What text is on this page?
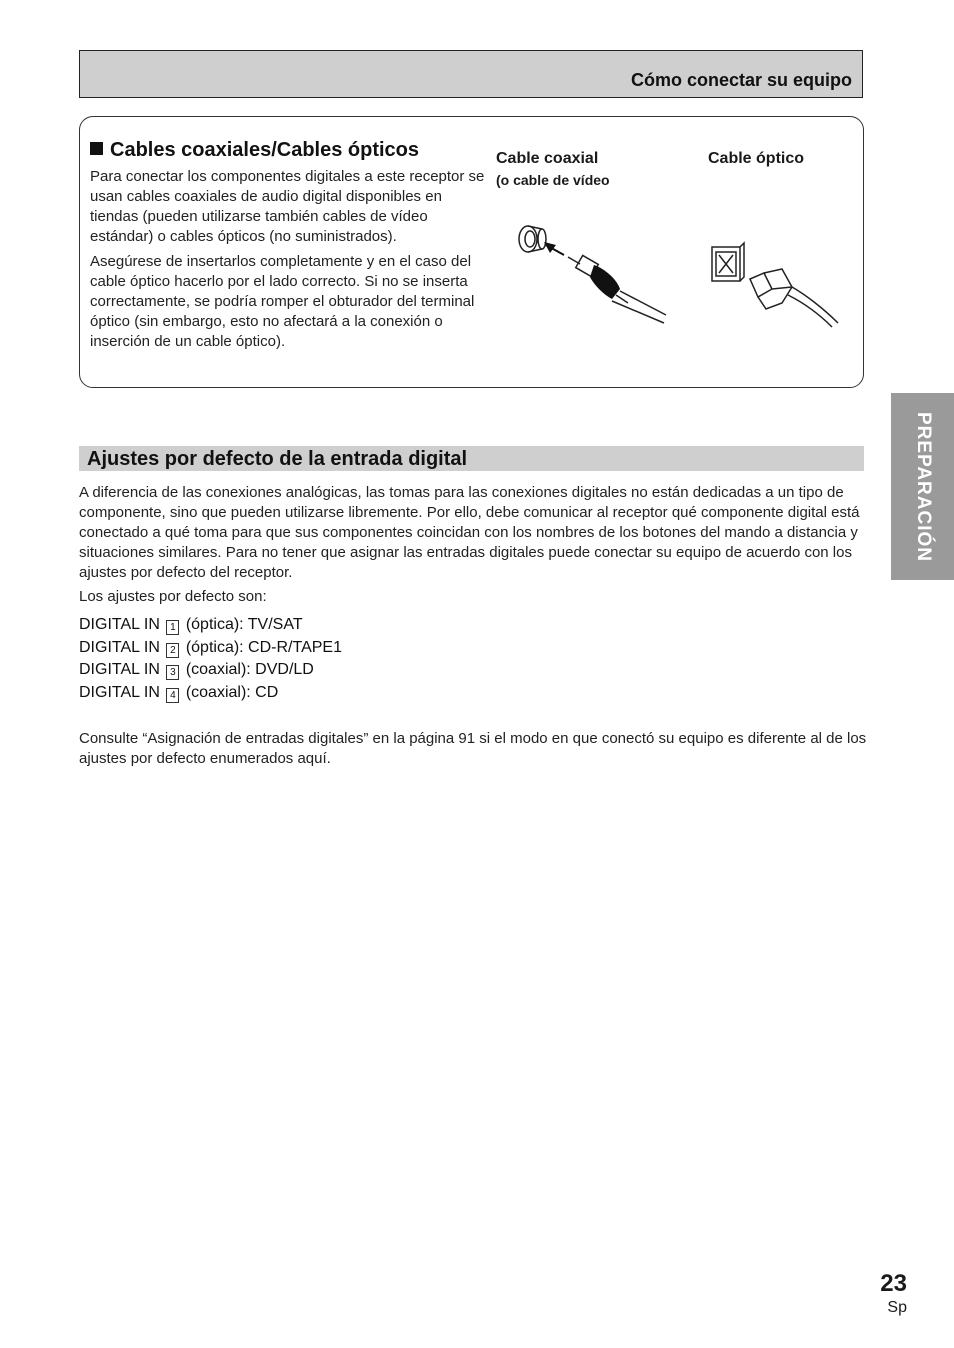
Cómo conectar su equipo
Cables coaxiales/Cables ópticos

Para conectar los componentes digitales a este receptor se usan cables coaxiales de audio digital disponibles en tiendas (pueden utilizarse también cables de vídeo estándar) o cables ópticos (no suministrados).

Asegúrese de insertarlos completamente y en el caso del cable óptico hacerlo por el lado correcto. Si no se inserta correctamente, se podría romper el obturador del terminal óptico (sin embargo, esto no afectará a la conexión o inserción de un cable óptico).

Cable coaxial
(o cable de vídeo
Cable óptico
PREPARACIÓN
Ajustes por defecto de la entrada digital

A diferencia de las conexiones analógicas, las tomas para las conexiones digitales no están dedicadas a un tipo de componente, sino que pueden utilizarse libremente. Por ello, debe comunicar al receptor qué componente digital está conectado a qué toma para que sus componentes coincidan con los nombres de los botones del mando a distancia y situaciones similares. Para no tener que asignar las entradas digitales puede conectar su equipo de acuerdo con los ajustes por defecto del receptor.

Los ajustes por defecto son:
DIGITAL IN 1 (óptica): TV/SAT
DIGITAL IN 2 (óptica): CD-R/TAPE1
DIGITAL IN 3 (coaxial): DVD/LD
DIGITAL IN 4 (coaxial): CD
Consulte “Asignación de entradas digitales” en la página 91 si el modo en que conectó su equipo es diferente al de los ajustes por defecto enumerados aquí.
23
Sp
